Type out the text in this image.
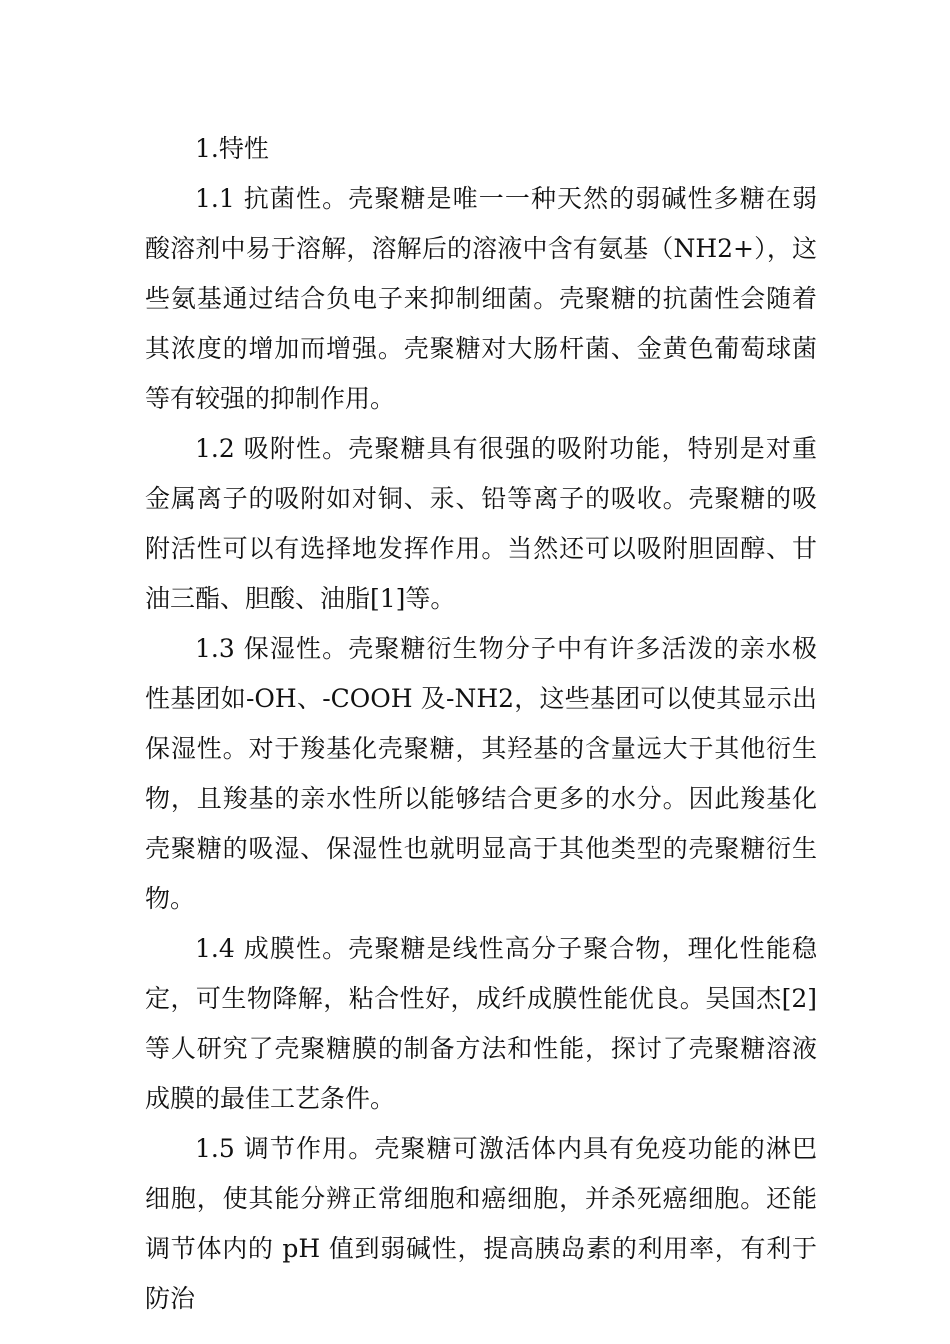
1.特性

1.1 抗菌性。壳聚糖是唯一一种天然的弱碱性多糖在弱酸溶剂中易于溶解，溶解后的溶液中含有氨基（NH2+），这些氨基通过结合负电子来抑制细菌。壳聚糖的抗菌性会随着其浓度的增加而增强。壳聚糖对大肠杆菌、金黄色葡萄球菌等有较强的抑制作用。

1.2 吸附性。壳聚糖具有很强的吸附功能，特别是对重金属离子的吸附如对铜、汞、铅等离子的吸收。壳聚糖的吸附活性可以有选择地发挥作用。当然还可以吸附胆固醇、甘油三酯、胆酸、油脂[1]等。

1.3 保湿性。壳聚糖衍生物分子中有许多活泼的亲水极性基团如-OH、-COOH 及-NH2，这些基团可以使其显示出保湿性。对于羧基化壳聚糖，其羟基的含量远大于其他衍生物，且羧基的亲水性所以能够结合更多的水分。因此羧基化壳聚糖的吸湿、保湿性也就明显高于其他类型的壳聚糖衍生物。

1.4 成膜性。壳聚糖是线性高分子聚合物，理化性能稳定，可生物降解，粘合性好，成纤成膜性能优良。吴国杰[2]等人研究了壳聚糖膜的制备方法和性能，探讨了壳聚糖溶液成膜的最佳工艺条件。

1.5 调节作用。壳聚糖可激活体内具有免疫功能的淋巴细胞，使其能分辨正常细胞和癌细胞，并杀死癌细胞。还能调节体内的 pH 值到弱碱性，提高胰岛素的利用率，有利于防治
